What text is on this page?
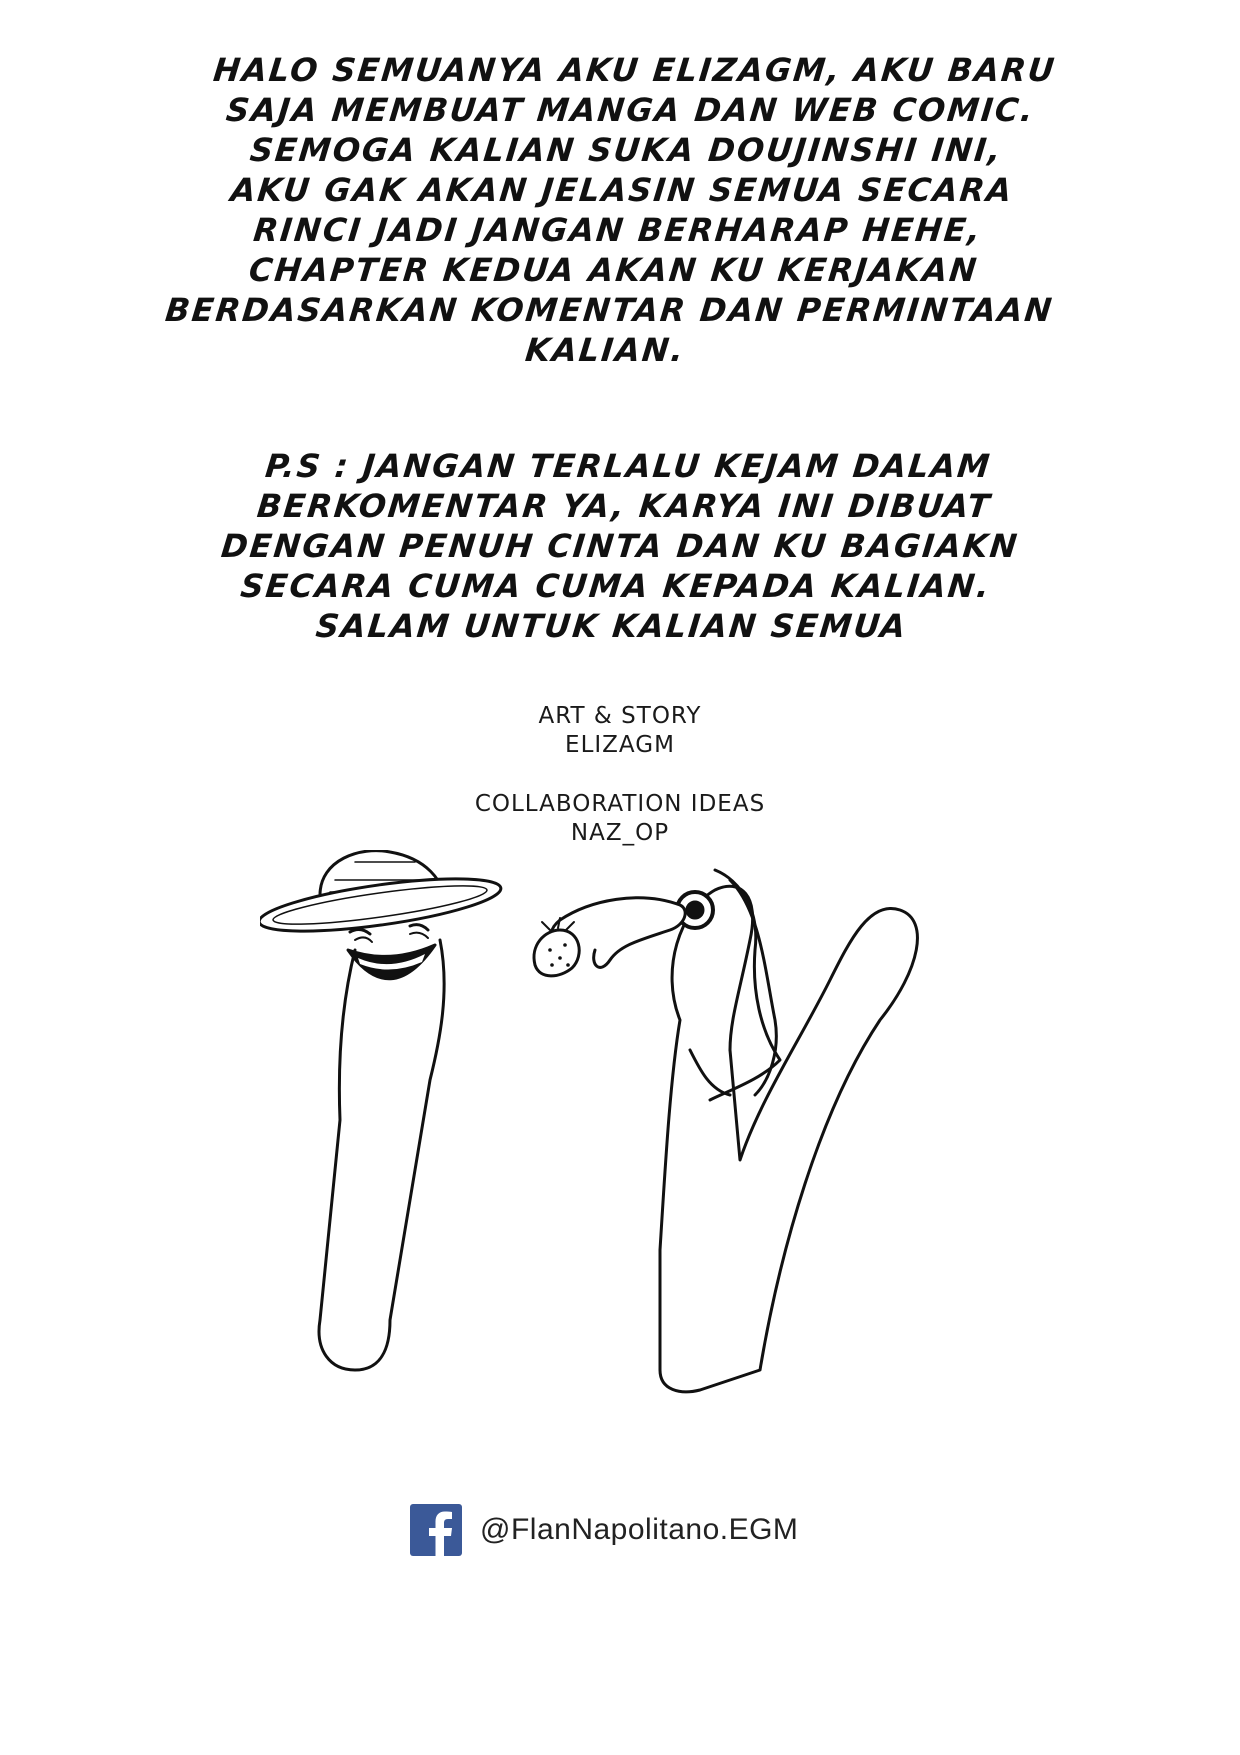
HALO SEMUANYA AKU ELIZAGM, AKU BARU
SAJA MEMBUAT MANGA DAN WEB COMIC.
SEMOGA KALIAN SUKA DOUJINSHI INI,
AKU GAK AKAN JELASIN SEMUA SECARA
RINCI JADI JANGAN BERHARAP HEHE,
CHAPTER KEDUA AKAN KU KERJAKAN
BERDASARKAN KOMENTAR DAN PERMINTAAN
KALIAN.
P.S : JANGAN TERLALU KEJAM DALAM
BERKOMENTAR YA, KARYA INI DIBUAT
DENGAN PENUH CINTA DAN KU BAGIAKN
SECARA CUMA CUMA KEPADA KALIAN.
SALAM UNTUK KALIAN SEMUA
ART & STORY
ELIZAGM
COLLABORATION IDEAS
NAZ_OP
@FlanNapolitano.EGM
